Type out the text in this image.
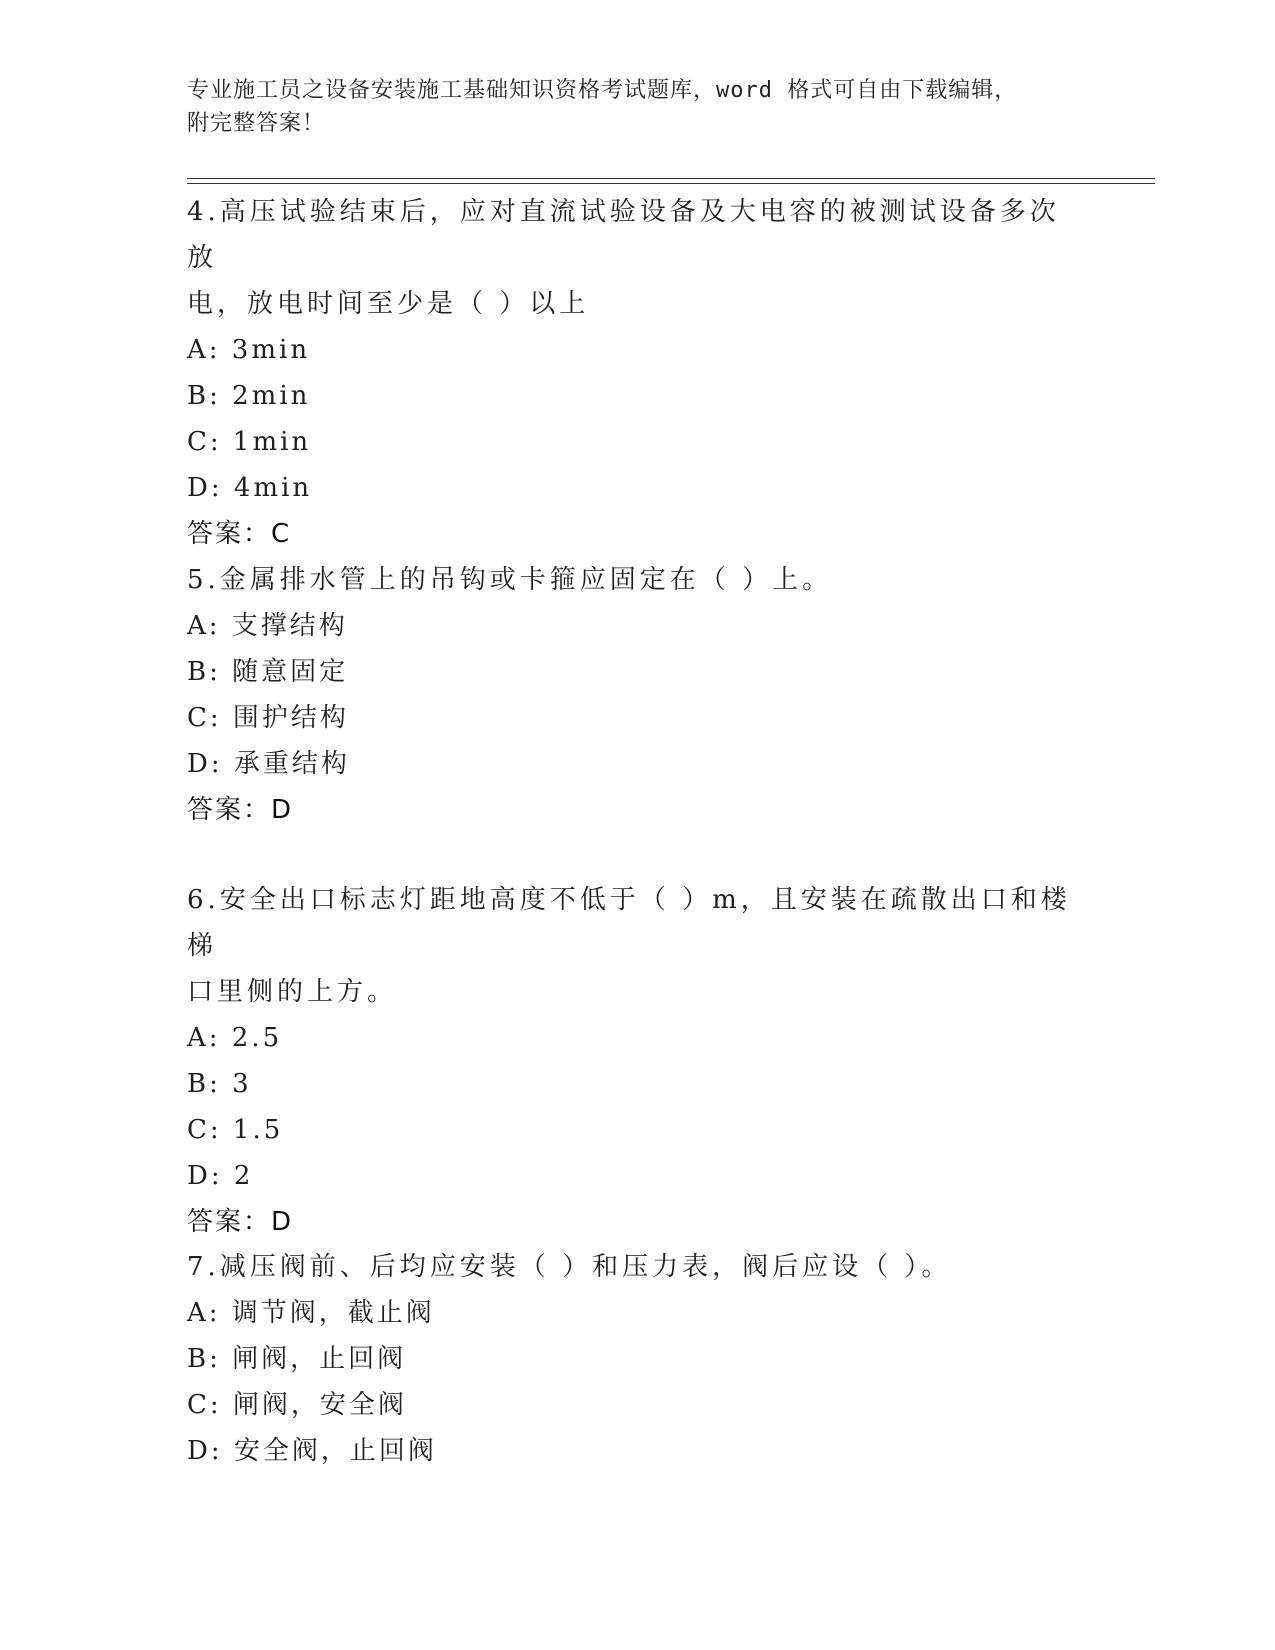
专业施工员之设备安装施工基础知识资格考试题库，word 格式可自由下载编辑，
附完整答案！
4.高压试验结束后，应对直流试验设备及大电容的被测试设备多次放
电，放电时间至少是（ ）以上
A: 3min
B: 2min
C: 1min
D: 4min
答案：C
5.金属排水管上的吊钩或卡箍应固定在（ ）上。
A: 支撑结构
B: 随意固定
C: 围护结构
D: 承重结构
答案：D
6.安全出口标志灯距地高度不低于（ ）m，且安装在疏散出口和楼梯
口里侧的上方。
A: 2.5
B: 3
C: 1.5
D: 2
答案：D
7.减压阀前、后均应安装（ ）和压力表，阀后应设（ ）。
A: 调节阀，截止阀
B: 闸阀，止回阀
C: 闸阀，安全阀
D: 安全阀，止回阀
